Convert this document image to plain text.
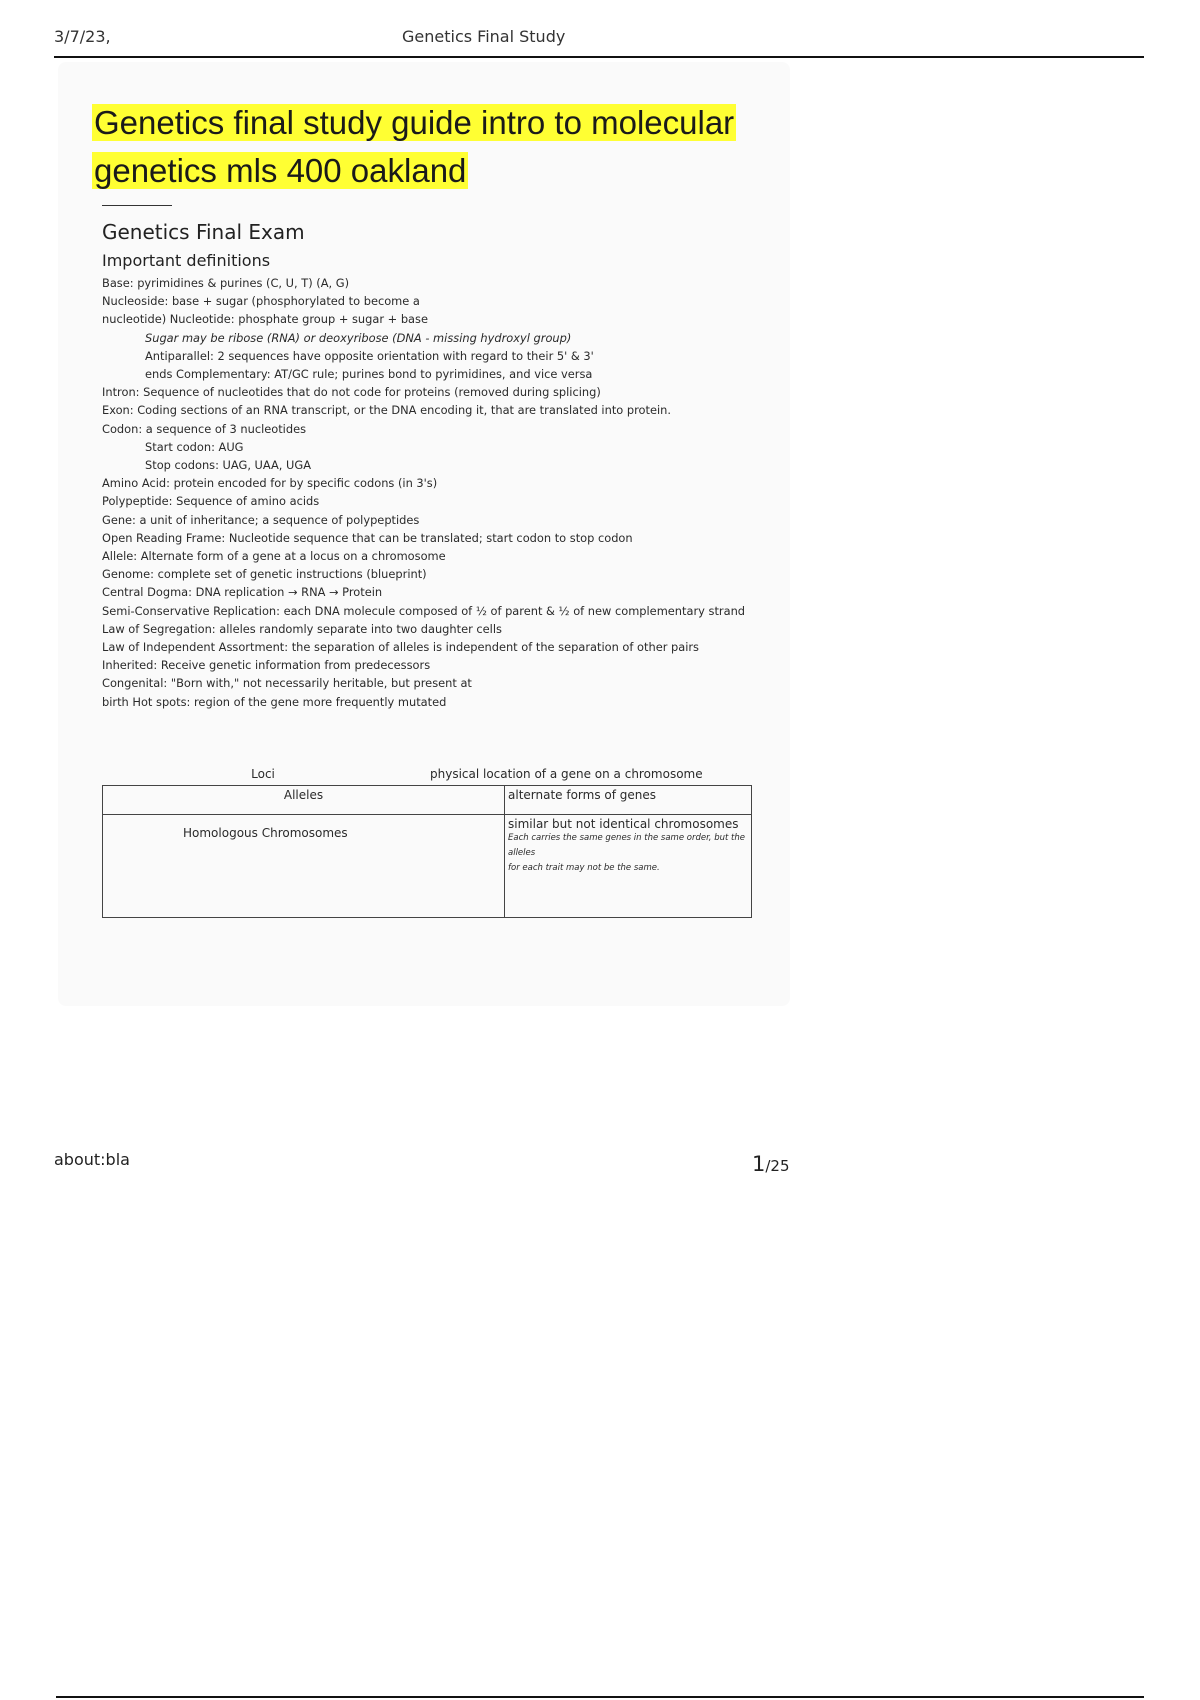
3/7/23,	Genetics Final Study
Genetics final study guide intro to molecular
genetics mls 400 oakland
Genetics Final Exam
Important definitions
Base: pyrimidines & purines (C, U, T) (A, G)
Nucleoside: base + sugar (phosphorylated to become a
nucleotide) Nucleotide: phosphate group + sugar + base
Sugar may be ribose (RNA) or deoxyribose (DNA - missing hydroxyl group)
Antiparallel: 2 sequences have opposite orientation with regard to their 5' & 3'
ends Complementary: AT/GC rule; purines bond to pyrimidines, and vice versa
Intron: Sequence of nucleotides that do not code for proteins (removed during splicing)
Exon: Coding sections of an RNA transcript, or the DNA encoding it, that are translated into protein.
Codon: a sequence of 3 nucleotides
Start codon: AUG
Stop codons: UAG, UAA, UGA
Amino Acid: protein encoded for by specific codons (in 3's)
Polypeptide: Sequence of amino acids
Gene: a unit of inheritance; a sequence of polypeptides
Open Reading Frame: Nucleotide sequence that can be translated; start codon to stop codon
Allele: Alternate form of a gene at a locus on a chromosome
Genome: complete set of genetic instructions (blueprint)
Central Dogma: DNA replication → RNA → Protein
Semi-Conservative Replication: each DNA molecule composed of ½ of parent & ½ of new complementary strand
Law of Segregation: alleles randomly separate into two daughter cells
Law of Independent Assortment: the separation of alleles is independent of the separation of other pairs
Inherited: Receive genetic information from predecessors
Congenital: "Born with," not necessarily heritable, but present at
birth Hot spots: region of the gene more frequently mutated
Loci	physical location of a gene on a chromosome
Alleles	alternate forms of genes
Homologous Chromosomes	similar but not identical chromosomes
Each carries the same genes in the same order, but the alleles
for each trait may not be the same.
about:bla	1/25
